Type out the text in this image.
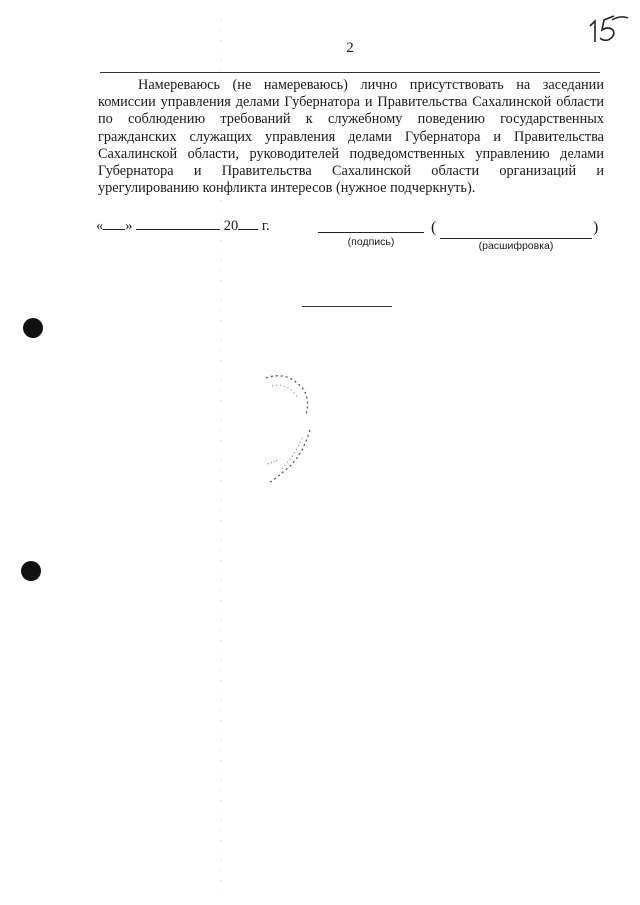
2

Намереваюсь (не намереваюсь) лично присутствовать на заседании комиссии управления делами Губернатора и Правительства Сахалинской области по соблюдению требований к служебному поведению государственных гражданских служащих управления делами Губернатора и Правительства Сахалинской области, руководителей подведомственных управлению делами Губернатора и Правительства Сахалинской области организаций и урегулированию конфликта интересов (нужное подчеркнуть).

« »	20 г.
(подпись)
(	)
(расшифровка)
